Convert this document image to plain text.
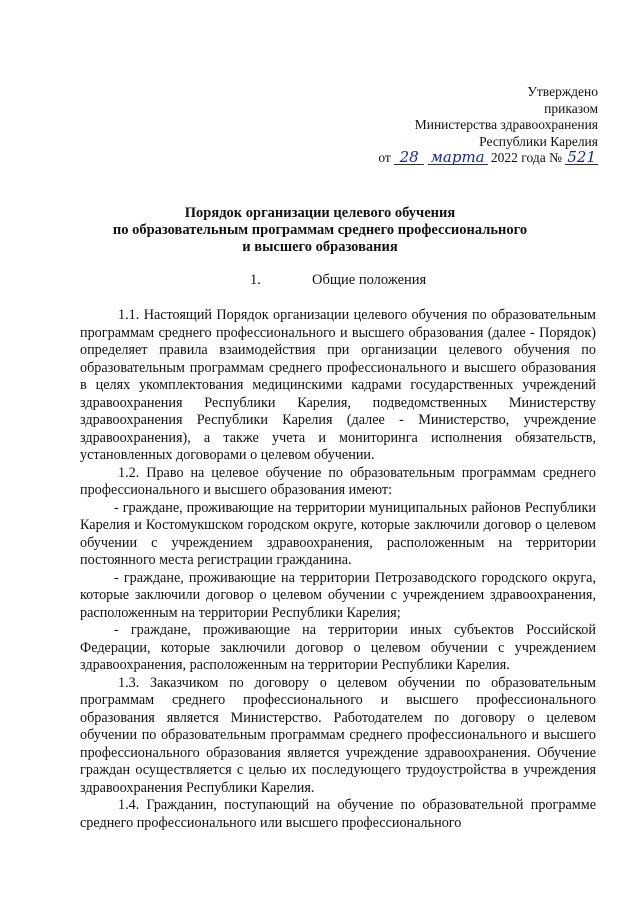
Утверждено
приказом
Министерства здравоохранения
Республики Карелия
от 28 марта 2022 года № 521
Порядок организации целевого обучения
по образовательным программам среднего профессионального
и высшего образования
1.	Общие положения

1.1. Настоящий Порядок организации целевого обучения по образовательным программам среднего профессионального и высшего образования (далее - Порядок) определяет правила взаимодействия при организации целевого обучения по образовательным программам среднего профессионального и высшего образования в целях укомплектования медицинскими кадрами государственных учреждений здравоохранения Республики Карелия, подведомственных Министерству здравоохранения Республики Карелия (далее - Министерство, учреждение здравоохранения), а также учета и мониторинга исполнения обязательств, установленных договорами о целевом обучении.

1.2. Право на целевое обучение по образовательным программам среднего профессионального и высшего образования имеют:

- граждане, проживающие на территории муниципальных районов Республики Карелия и Костомукшском городском округе, которые заключили договор о целевом обучении с учреждением здравоохранения, расположенным на территории постоянного места регистрации гражданина.

- граждане, проживающие на территории Петрозаводского городского округа, которые заключили договор о целевом обучении с учреждением здравоохранения, расположенным на территории Республики Карелия;

- граждане, проживающие на территории иных субъектов Российской Федерации, которые заключили договор о целевом обучении с учреждением здравоохранения, расположенным на территории Республики Карелия.

1.3. Заказчиком по договору о целевом обучении по образовательным программам среднего профессионального и высшего профессионального образования является Министерство. Работодателем по договору о целевом обучении по образовательным программам среднего профессионального и высшего профессионального образования является учреждение здравоохранения. Обучение граждан осуществляется с целью их последующего трудоустройства в учреждения здравоохранения Республики Карелия.

1.4. Гражданин, поступающий на обучение по образовательной программе среднего профессионального или высшего профессионального
